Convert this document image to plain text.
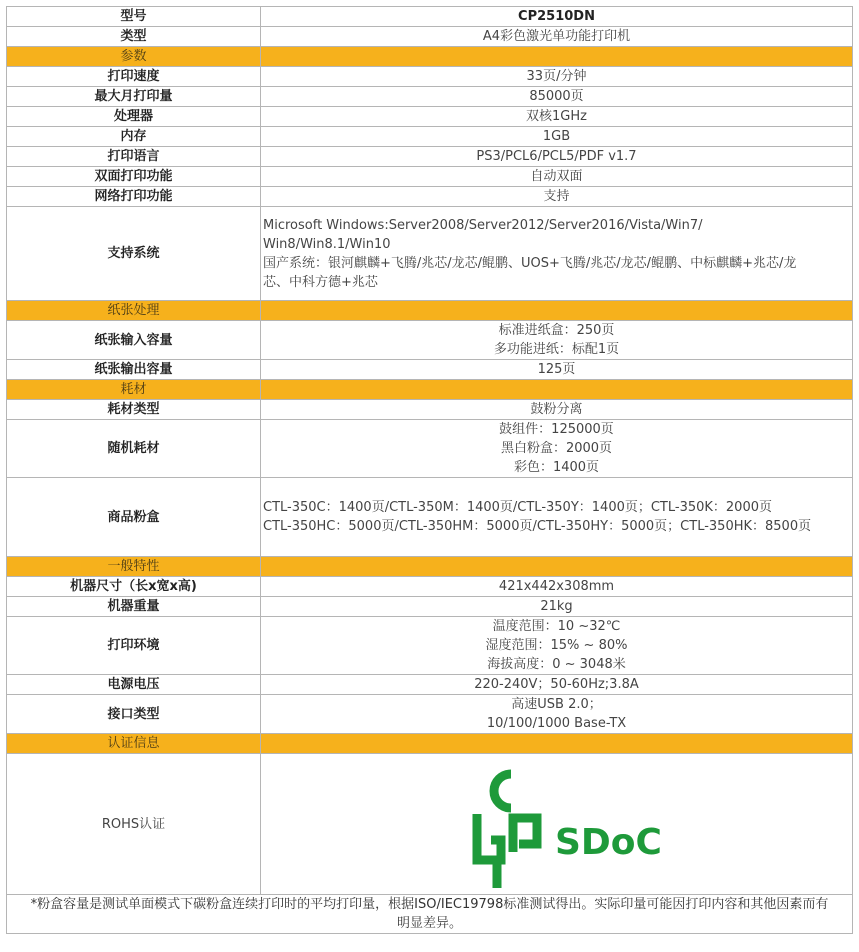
型号	CP2510DN
类型	A4彩色激光单功能打印机
参数	
打印速度	33页/分钟
最大月打印量	85000页
处理器	双核1GHz
内存	1GB
打印语言	PS3/PCL6/PCL5/PDF v1.7
双面打印功能	自动双面
网络打印功能	支持
支持系统	Microsoft Windows:Server2008/Server2012/Server2016/Vista/Win7/
Win8/Win8.1/Win10
国产系统：银河麒麟+飞腾/兆芯/龙芯/鲲鹏、UOS+飞腾/兆芯/龙芯/鲲鹏、中标麒麟+兆芯/龙
芯、中科方德+兆芯

纸张处理	
纸张输入容量	标准进纸盒：250页
多功能进纸：标配1页

纸张输出容量	125页
耗材	
耗材类型	鼓粉分离
随机耗材	鼓组件：125000页
黑白粉盒：2000页
彩色：1400页

商品粉盒	CTL-350C：1400页/CTL-350M：1400页/CTL-350Y：1400页；CTL-350K：2000页
CTL-350HC：5000页/CTL-350HM：5000页/CTL-350HY：5000页；CTL-350HK：8500页

一般特性	
机器尺寸（长x宽x高)	421x442x308mm
机器重量	21kg
打印环境	温度范围：10 ~32℃
湿度范围：15% ~ 80%
海拔高度：0 ~ 3048米

电源电压	220-240V；50-60Hz;3.8A
接口类型	高速USB 2.0；
10/100/1000 Base-TX

认证信息	
ROHS认证	SDoC

*粉盒容量是测试单面模式下碳粉盒连续打印时的平均打印量，根据ISO/IEC19798标准测试得出。实际印量可能因打印内容和其他因素而有
明显差异。	
